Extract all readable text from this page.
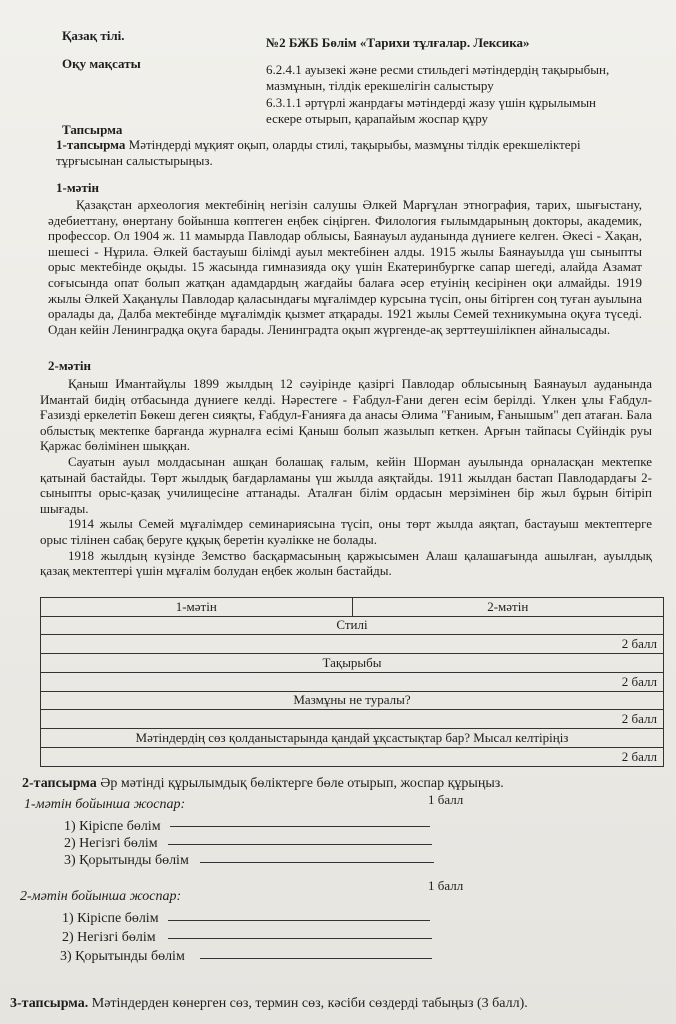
Қазақ тілі.	№2 БЖБ Бөлім «Тарихи тұлғалар. Лексика»
Оқу мақсаты	6.2.4.1 ауызекі және ресми стильдегі мәтіндердің тақырыбын, мазмұнын, тілдік ерекшелігін салыстыру
6.3.1.1 әртүрлі жанрдағы мәтіндерді жазу үшін құрылымын ескере отырып, қарапайым жоспар құру
Тапсырма
1-тапсырма Мәтіндерді мұқият оқып, оларды стилі, тақырыбы, мазмұны тілдік ерекшеліктері тұрғысынан салыстырыңыз.
1-мәтін

Қазақстан археология мектебінің негізін салушы Әлкей Марғұлан этнография, тарих, шығыстану, әдебиеттану, өнертану бойынша көптеген еңбек сіңірген. Филология ғылымдарының докторы, академик, профессор. Ол 1904 ж. 11 мамырда Павлодар облысы, Баянауыл ауданында дүниеге келген. Әкесі - Хақан, шешесі - Нұрила. Әлкей бастауыш білімді ауыл мектебінен алды. 1915 жылы Баянауылда үш сыныпты орыс мектебінде оқыды. 15 жасында гимназияда оқу үшін Екатеринбургке сапар шегеді, алайда Азамат соғысында опат болып жатқан адамдардың жағдайы балаға әсер етуінің кесірінен оқи алмайды. 1919 жылы Әлкей Хақанұлы Павлодар қаласындағы мұғалімдер курсына түсіп, оны бітірген соң туған ауылына оралады да, Далба мектебінде мұғалімдік қызмет атқарады. 1921 жылы Семей техникумына оқуға түседі. Одан кейін Ленинградқа оқуға барады. Ленинградта оқып жүргенде-ақ зерттеушілікпен айналысады.

2-мәтін

Қаныш Имантайұлы 1899 жылдың 12 сәуірінде қазіргі Павлодар облысының Баянауыл ауданында Имантай бидің отбасында дүниеге келді. Нәрестеге - Ғабдул-Ғани деген есім берілді. Үлкен ұлы Ғабдул-Ғазизді еркелетіп Бөкеш деген сияқты, Ғабдул-Ғанияға да анасы Әлима "Ғаниым, Ғанышым" деп атаған. Бала облыстық мектепке барғанда журналға есімі Қаныш болып жазылып кеткен. Арғын тайпасы Сүйіндік руы Қаржас бөлімінен шыққан.

Сауатын ауыл молдасынан ашқан болашақ ғалым, кейін Шорман ауылында орналасқан мектепке қатынай бастайды. Төрт жылдық бағдарламаны үш жылда аяқтайды. 1911 жылдан бастап Павлодардағы 2-сыныпты орыс-қазақ училищесіне аттанады. Аталған білім ордасын мерзімінен бір жыл бұрын бітіріп шығады.

1914 жылы Семей мұғалімдер семинариясына түсіп, оны төрт жылда аяқтап, бастауыш мектептерге орыс тілінен сабақ беруге құқық беретін куәлікке не болады.

1918 жылдың күзінде Земство басқармасының қаржысымен Алаш қалашағында ашылған, ауылдық қазақ мектептері үшін мұғалім болудан еңбек жолын бастайды.

1-мәтін	2-мәтін
Стилі
2 балл
Тақырыбы
2 балл
Мазмұны не туралы?
2 балл
Мәтіндердің сөз қолданыстарында қандай ұқсастықтар бар? Мысал келтіріңіз
2 балл
2-тапсырма Әр мәтінді құрылымдық бөліктерге бөле отырып, жоспар құрыңыз.
1 балл
1-мәтін бойынша жоспар:
1) Кіріспе бөлім
2) Негізгі бөлім
3) Қорытынды бөлім
1 балл
2-мәтін бойынша жоспар:
1) Кіріспе бөлім
2) Негізгі бөлім
3) Қорытынды бөлім
3-тапсырма. Мәтіндерден көнерген сөз, термин сөз, кәсіби сөздерді табыңыз (3 балл).
